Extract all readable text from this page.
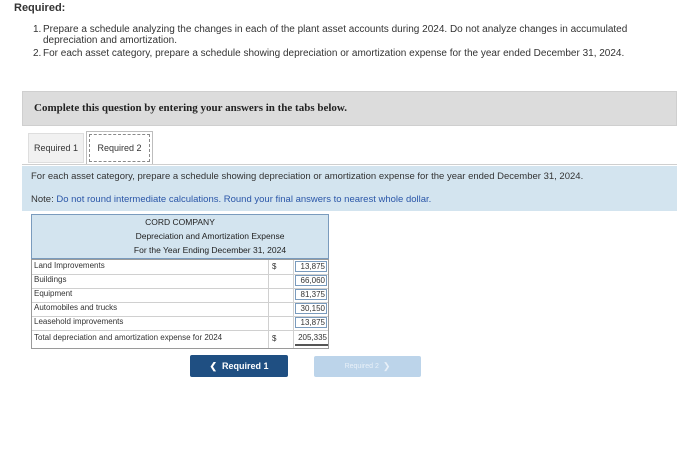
Required:
1. Prepare a schedule analyzing the changes in each of the plant asset accounts during 2024. Do not analyze changes in accumulated depreciation and amortization.
2. For each asset category, prepare a schedule showing depreciation or amortization expense for the year ended December 31, 2024.
Complete this question by entering your answers in the tabs below.
Required 1 Required 2
For each asset category, prepare a schedule showing depreciation or amortization expense for the year ended December 31, 2024.
Note: Do not round intermediate calculations. Round your final answers to nearest whole dollar.
CORD COMPANY
Depreciation and Amortization Expense
For the Year Ending December 31, 2024
Land Improvements	$	13,875
Buildings	66,060
Equipment	81,375
Automobiles and trucks	30,150
Leasehold improvements	13,875
Total depreciation and amortization expense for 2024	$	205,335
❮ Required 1	Required 2 ❯
